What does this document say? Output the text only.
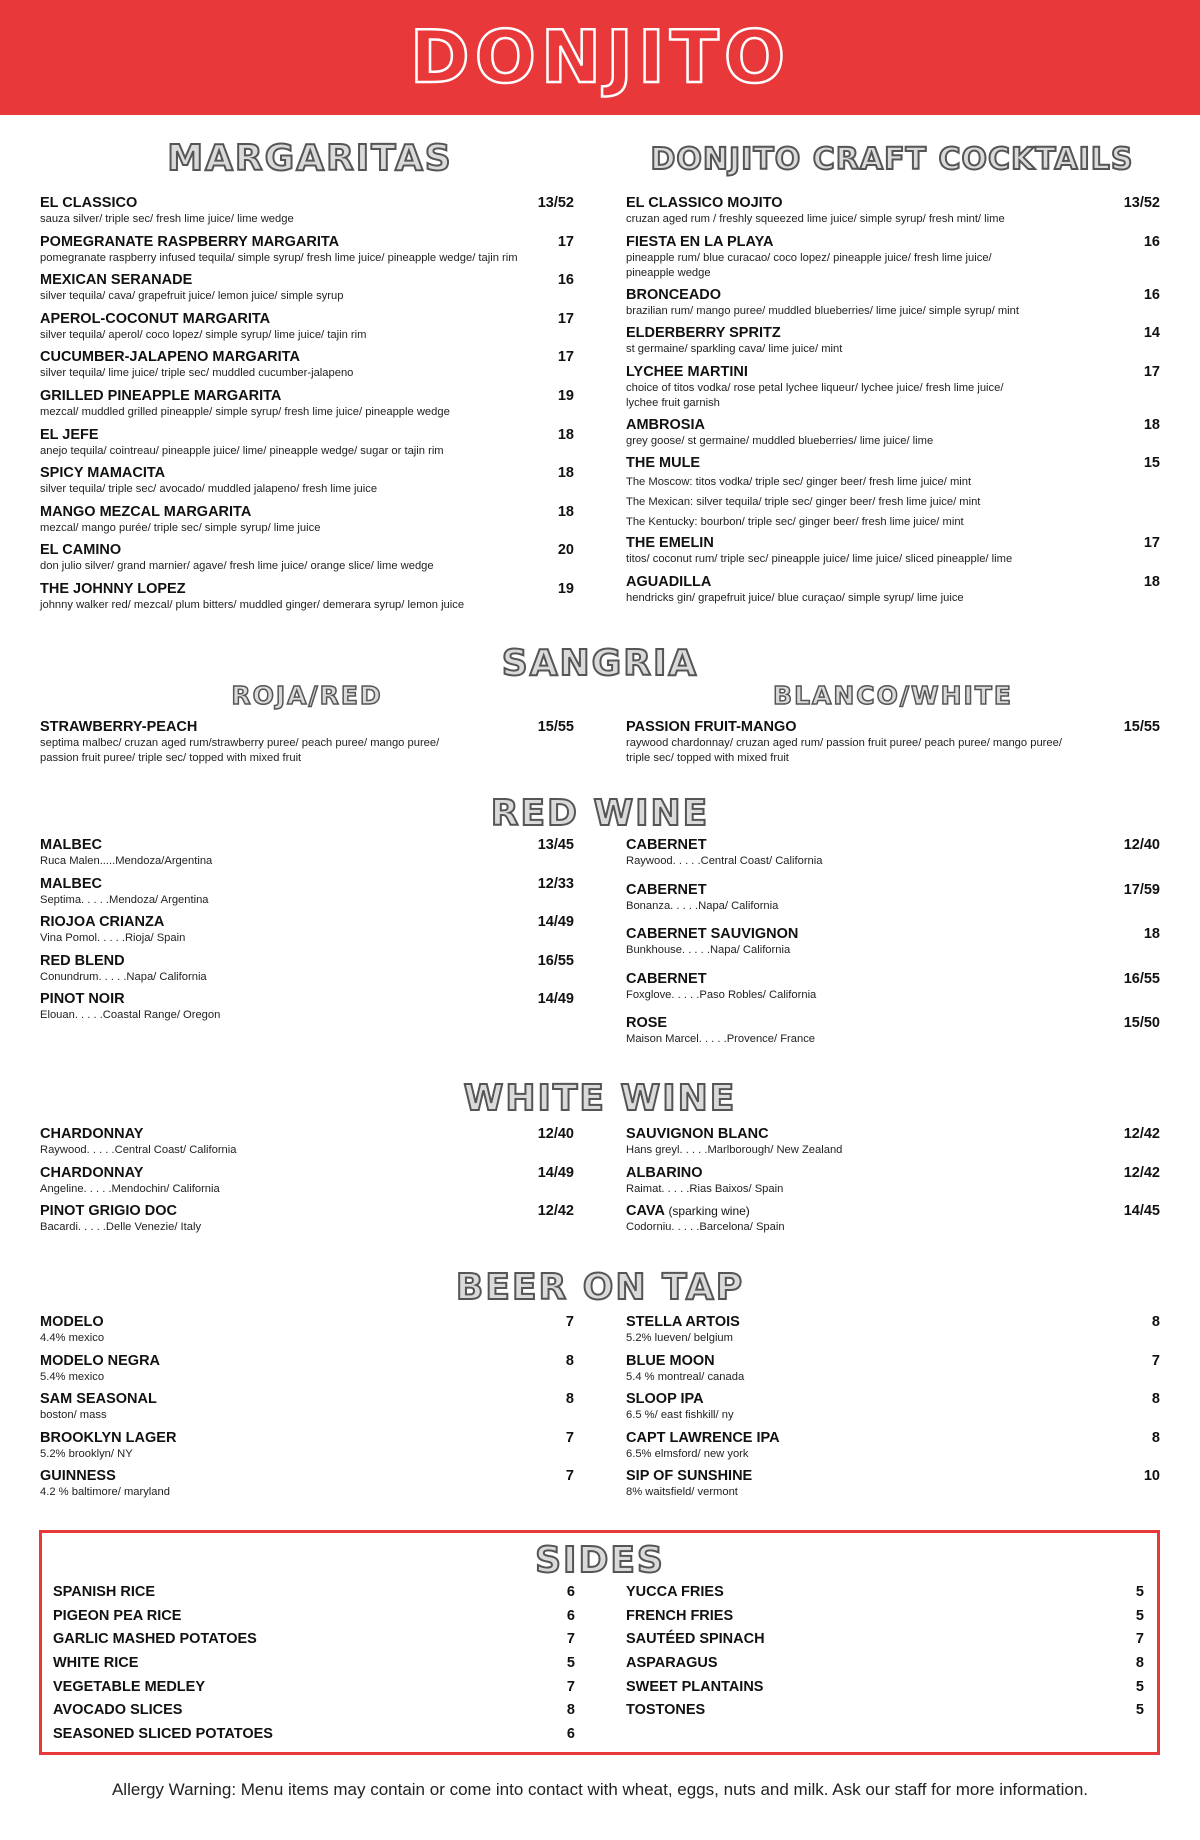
DONJITO
MARGARITAS
EL CLASSICO	13/52
sauza silver/ triple sec/ fresh lime juice/ lime wedge
POMEGRANATE RASPBERRY MARGARITA	17
pomegranate raspberry infused tequila/ simple syrup/ fresh lime juice/ pineapple wedge/ tajin rim
MEXICAN SERANADE	16
silver tequila/ cava/ grapefruit juice/ lemon juice/ simple syrup
APEROL-COCONUT MARGARITA	17
silver tequila/ aperol/ coco lopez/ simple syrup/ lime juice/ tajin rim
CUCUMBER-JALAPENO MARGARITA	17
silver tequila/ lime juice/ triple sec/ muddled cucumber-jalapeno
GRILLED PINEAPPLE MARGARITA	19
mezcal/ muddled grilled pineapple/ simple syrup/ fresh lime juice/ pineapple wedge
EL JEFE	18
anejo tequila/ cointreau/ pineapple juice/ lime/ pineapple wedge/ sugar or tajin rim
SPICY MAMACITA	18
silver tequila/ triple sec/ avocado/ muddled jalapeno/ fresh lime juice
MANGO MEZCAL MARGARITA	18
mezcal/ mango purée/ triple sec/ simple syrup/ lime juice
EL CAMINO	20
don julio silver/ grand marnier/ agave/ fresh lime juice/ orange slice/ lime wedge
THE JOHNNY LOPEZ	19
johnny walker red/ mezcal/ plum bitters/ muddled ginger/ demerara syrup/ lemon juice
DONJITO CRAFT COCKTAILS
EL CLASSICO MOJITO	13/52
cruzan aged rum / freshly squeezed lime juice/ simple syrup/ fresh mint/ lime
FIESTA EN LA PLAYA	16
pineapple rum/ blue curacao/ coco lopez/ pineapple juice/ fresh lime juice/
pineapple wedge
BRONCEADO	16
brazilian rum/ mango puree/ muddled blueberries/ lime juice/ simple syrup/ mint
ELDERBERRY SPRITZ	14
st germaine/ sparkling cava/ lime juice/ mint
LYCHEE MARTINI	17
choice of titos vodka/ rose petal lychee liqueur/ lychee juice/ fresh lime juice/
lychee fruit garnish
AMBROSIA	18
grey goose/ st germaine/ muddled blueberries/ lime juice/ lime
THE MULE	15
The Moscow: titos vodka/ triple sec/ ginger beer/ fresh lime juice/ mint
The Mexican: silver tequila/ triple sec/ ginger beer/ fresh lime juice/ mint
The Kentucky: bourbon/ triple sec/ ginger beer/ fresh lime juice/ mint
THE EMELIN	17
titos/ coconut rum/ triple sec/ pineapple juice/ lime juice/ sliced pineapple/ lime
AGUADILLA	18
hendricks gin/ grapefruit juice/ blue curaçao/ simple syrup/ lime juice
SANGRIA
ROJA/RED	BLANCO/WHITE
STRAWBERRY-PEACH	15/55
septima malbec/ cruzan aged rum/strawberry puree/ peach puree/ mango puree/
passion fruit puree/ triple sec/ topped with mixed fruit
PASSION FRUIT-MANGO	15/55
raywood chardonnay/ cruzan aged rum/ passion fruit puree/ peach puree/ mango puree/
triple sec/ topped with mixed fruit
RED WINE
MALBEC	13/45
Ruca Malen.....Mendoza/Argentina
MALBEC	12/33
Septima. . . . .Mendoza/ Argentina
RIOJOA CRIANZA	14/49
Vina Pomol. . . . .Rioja/ Spain
RED BLEND	16/55
Conundrum. . . . .Napa/ California
PINOT NOIR	14/49
Elouan. . . . .Coastal Range/ Oregon
CABERNET	12/40
Raywood. . . . .Central Coast/ California
CABERNET	17/59
Bonanza. . . . .Napa/ California
CABERNET SAUVIGNON	18
Bunkhouse. . . . .Napa/ California
CABERNET	16/55
Foxglove. . . . .Paso Robles/ California
ROSE	15/50
Maison Marcel. . . . .Provence/ France
WHITE WINE
CHARDONNAY	12/40
Raywood. . . . .Central Coast/ California
CHARDONNAY	14/49
Angeline. . . . .Mendochin/ California
PINOT GRIGIO DOC	12/42
Bacardi. . . . .Delle Venezie/ Italy
SAUVIGNON BLANC	12/42
Hans greyl. . . . .Marlborough/ New Zealand
ALBARINO	12/42
Raimat. . . . .Rias Baixos/ Spain
CAVA (sparking wine)	14/45
Codorniu. . . . .Barcelona/ Spain
BEER ON TAP
MODELO	7
4.4% mexico
MODELO NEGRA	8
5.4% mexico
SAM SEASONAL	8
boston/ mass
BROOKLYN LAGER	7
5.2% brooklyn/ NY
GUINNESS	7
4.2 % baltimore/ maryland
STELLA ARTOIS	8
5.2% lueven/ belgium
BLUE MOON	7
5.4 % montreal/ canada
SLOOP IPA	8
6.5 %/ east fishkill/ ny
CAPT LAWRENCE IPA	8
6.5% elmsford/ new york
SIP OF SUNSHINE	10
8% waitsfield/ vermont
SIDES
SPANISH RICE	6
PIGEON PEA RICE	6
GARLIC MASHED POTATOES	7
WHITE RICE	5
VEGETABLE MEDLEY	7
AVOCADO SLICES	8
SEASONED SLICED POTATOES	6
YUCCA FRIES	5
FRENCH FRIES	5
SAUTÉED SPINACH	7
ASPARAGUS	8
SWEET PLANTAINS	5
TOSTONES	5
Allergy Warning: Menu items may contain or come into contact with wheat, eggs, nuts and milk. Ask our staff for more information.
